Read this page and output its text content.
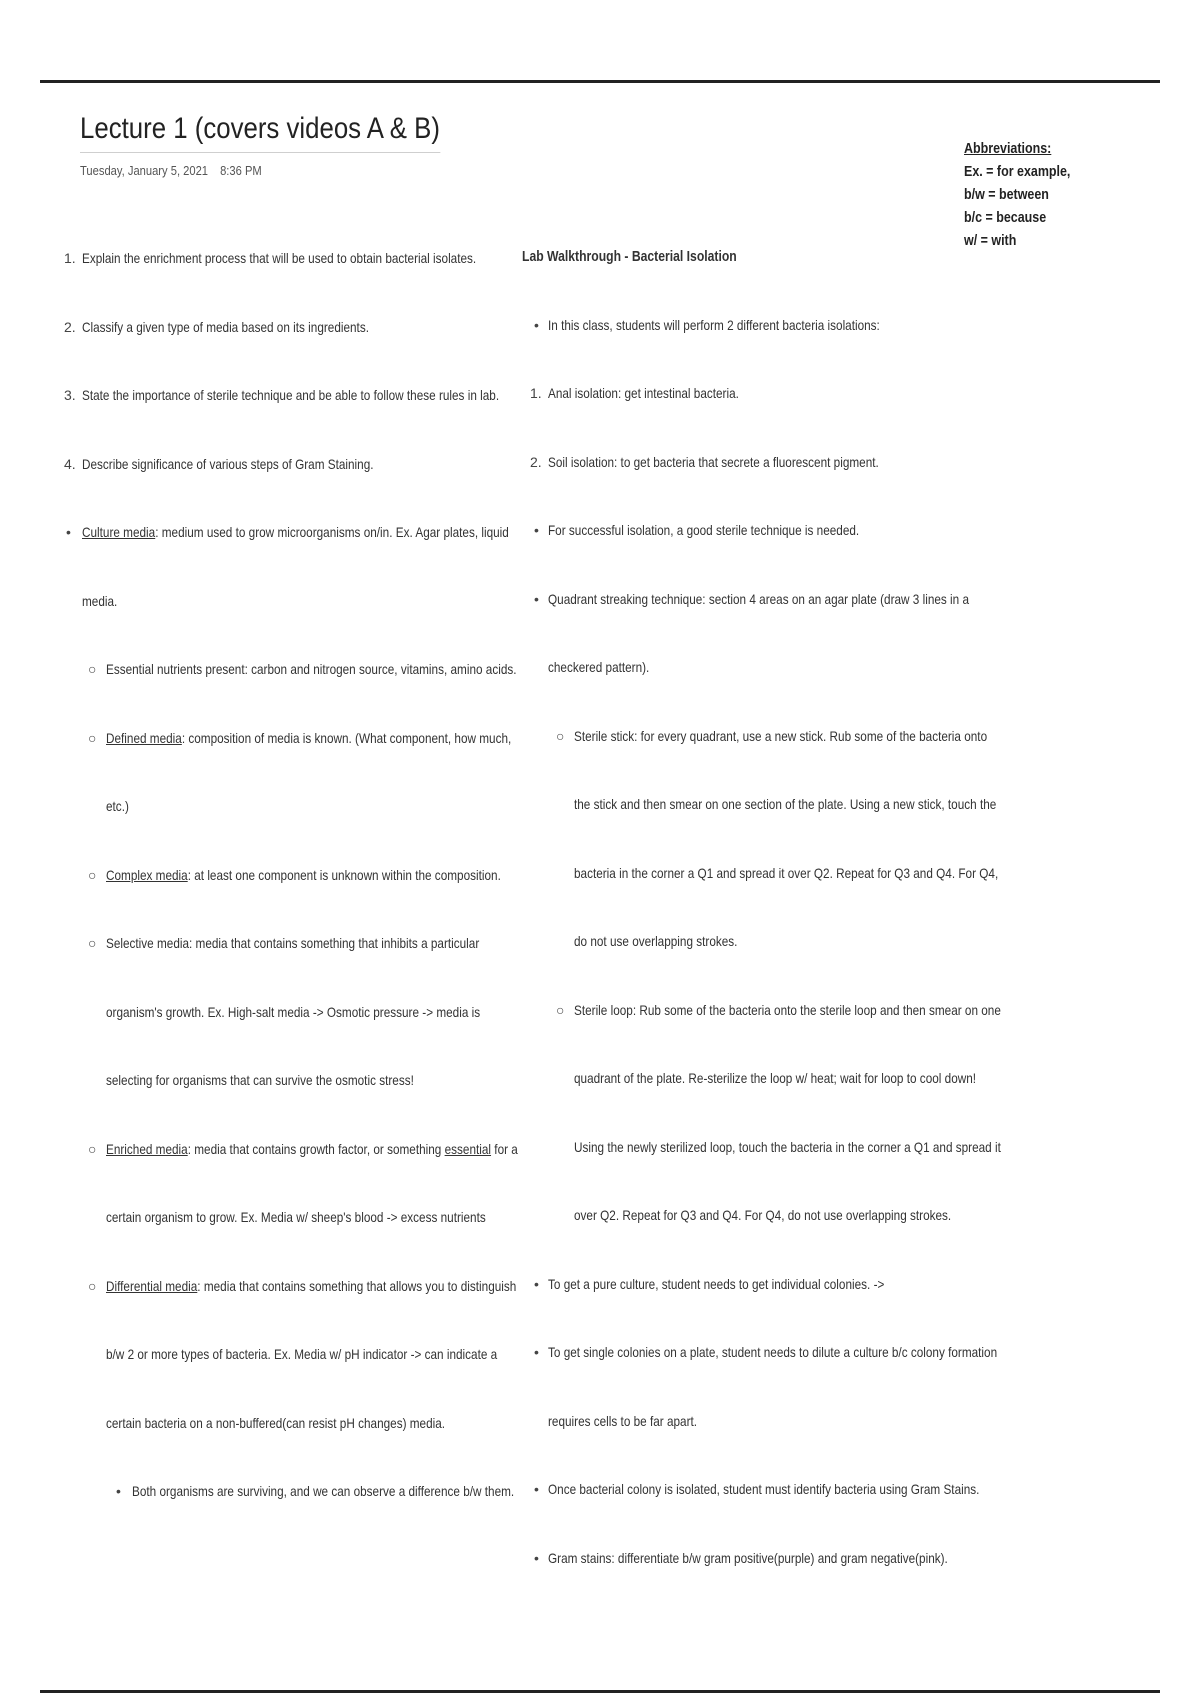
Lecture 1 (covers videos A & B)
Tuesday, January 5, 2021 8:36 PM
Abbreviations:
Ex. = for example,
b/w = between
b/c = because
w/ = with
1. Explain the enrichment process that will be used to obtain bacterial isolates.
2. Classify a given type of media based on its ingredients.
3. State the importance of sterile technique and be able to follow these rules in lab.
4. Describe significance of various steps of Gram Staining.
• Culture media: medium used to grow microorganisms on/in. Ex. Agar plates, liquid
media.
○ Essential nutrients present: carbon and nitrogen source, vitamins, amino acids.
○ Defined media: composition of media is known. (What component, how much,
etc.)
○ Complex media: at least one component is unknown within the composition.
○ Selective media: media that contains something that inhibits a particular
organism's growth. Ex. High-salt media -> Osmotic pressure -> media is
selecting for organisms that can survive the osmotic stress!
○ Enriched media: media that contains growth factor, or something essential for a
certain organism to grow. Ex. Media w/ sheep's blood -> excess nutrients
○ Differential media: media that contains something that allows you to distinguish
b/w 2 or more types of bacteria. Ex. Media w/ pH indicator -> can indicate a
certain bacteria on a non-buffered(can resist pH changes) media.
• Both organisms are surviving, and we can observe a difference b/w them.
Lab Walkthrough - Bacterial Isolation
• In this class, students will perform 2 different bacteria isolations:
1. Anal isolation: get intestinal bacteria.
2. Soil isolation: to get bacteria that secrete a fluorescent pigment.
• For successful isolation, a good sterile technique is needed.
• Quadrant streaking technique: section 4 areas on an agar plate (draw 3 lines in a
checkered pattern).
○ Sterile stick: for every quadrant, use a new stick. Rub some of the bacteria onto
the stick and then smear on one section of the plate. Using a new stick, touch the
bacteria in the corner a Q1 and spread it over Q2. Repeat for Q3 and Q4. For Q4,
do not use overlapping strokes.
○ Sterile loop: Rub some of the bacteria onto the sterile loop and then smear on one
quadrant of the plate. Re-sterilize the loop w/ heat; wait for loop to cool down!
Using the newly sterilized loop, touch the bacteria in the corner a Q1 and spread it
over Q2. Repeat for Q3 and Q4. For Q4, do not use overlapping strokes.
• To get a pure culture, student needs to get individual colonies. ->
• To get single colonies on a plate, student needs to dilute a culture b/c colony formation
requires cells to be far apart.
• Once bacterial colony is isolated, student must identify bacteria using Gram Stains.
• Gram stains: differentiate b/w gram positive(purple) and gram negative(pink).
